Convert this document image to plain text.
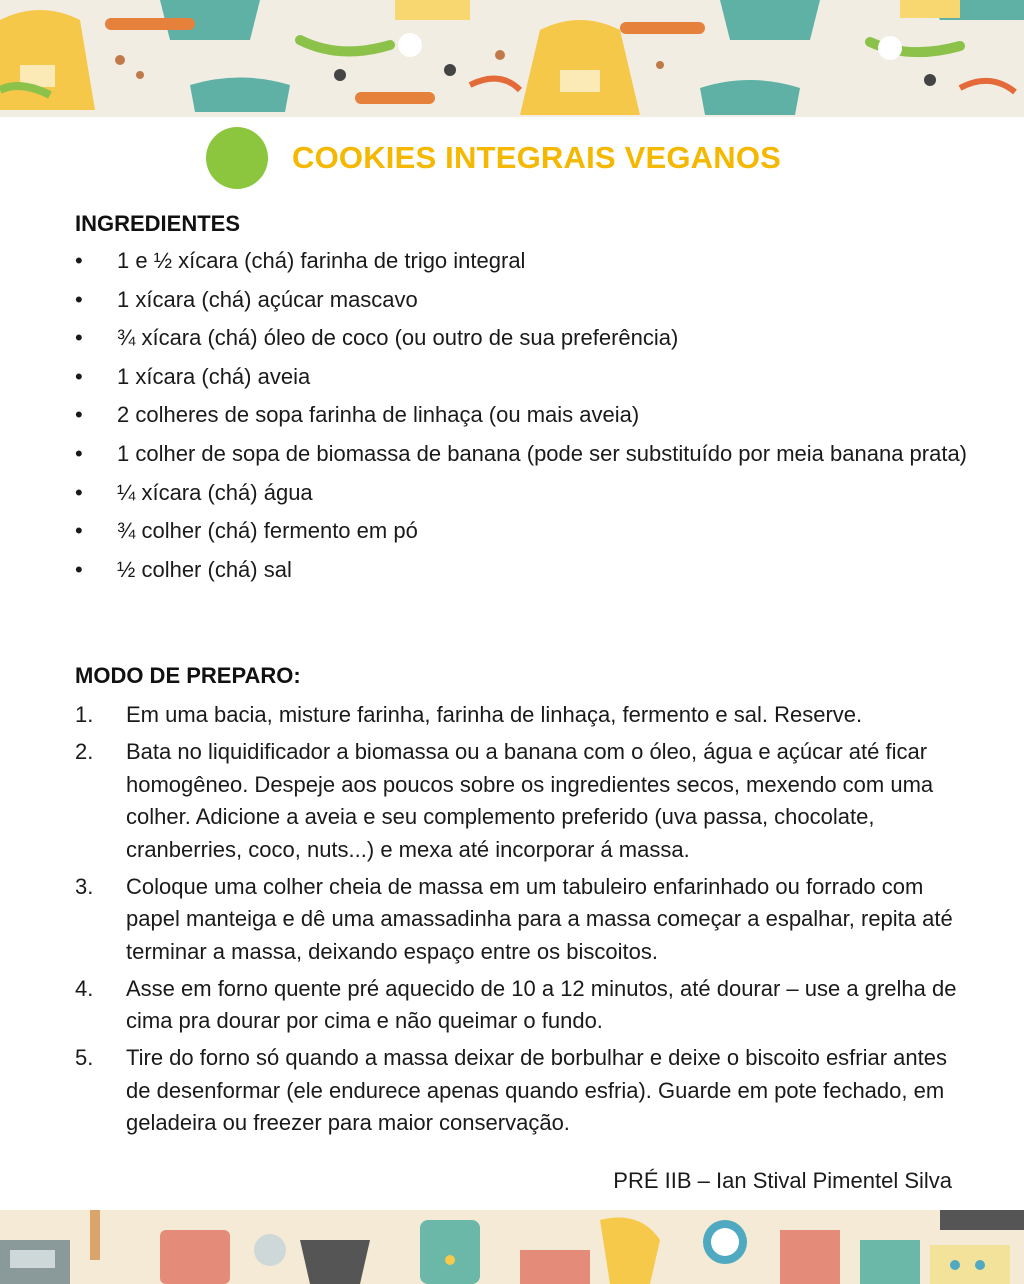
COOKIES INTEGRAIS VEGANOS
INGREDIENTES
•	1 e ½ xícara (chá) farinha de trigo integral
•	1 xícara (chá) açúcar mascavo
•	¾ xícara (chá) óleo de coco (ou outro de sua preferência)
•	1 xícara (chá) aveia
•	2 colheres de sopa farinha de linhaça (ou mais aveia)
•	1 colher de sopa de biomassa de banana (pode ser substituído por meia banana prata)
•	¼ xícara (chá) água
•	¾ colher (chá) fermento em pó
•	½ colher (chá) sal
MODO DE PREPARO:
1. Em uma bacia, misture farinha, farinha de linhaça, fermento e sal. Reserve.
2. Bata no liquidificador a biomassa ou a banana com o óleo, água e açúcar até ficar homogêneo. Despeje aos poucos sobre os ingredientes secos, mexendo com uma colher. Adicione a aveia e seu complemento preferido (uva passa, chocolate, cranberries, coco, nuts...) e mexa até incorporar á massa.
3. Coloque uma colher cheia de massa em um tabuleiro enfarinhado ou forrado com papel manteiga e dê uma amassadinha para a massa começar a espalhar, repita até terminar a massa, deixando espaço entre os biscoitos.
4. Asse em forno quente pré aquecido de 10 a 12 minutos, até dourar – use a grelha de cima pra dourar por cima e não queimar o fundo.
5. Tire do forno só quando a massa deixar de borbulhar e deixe o biscoito esfriar antes de desenformar (ele endurece apenas quando esfria). Guarde em pote fechado, em geladeira ou freezer para maior conservação.
PRÉ IIB – Ian Stival Pimentel Silva
